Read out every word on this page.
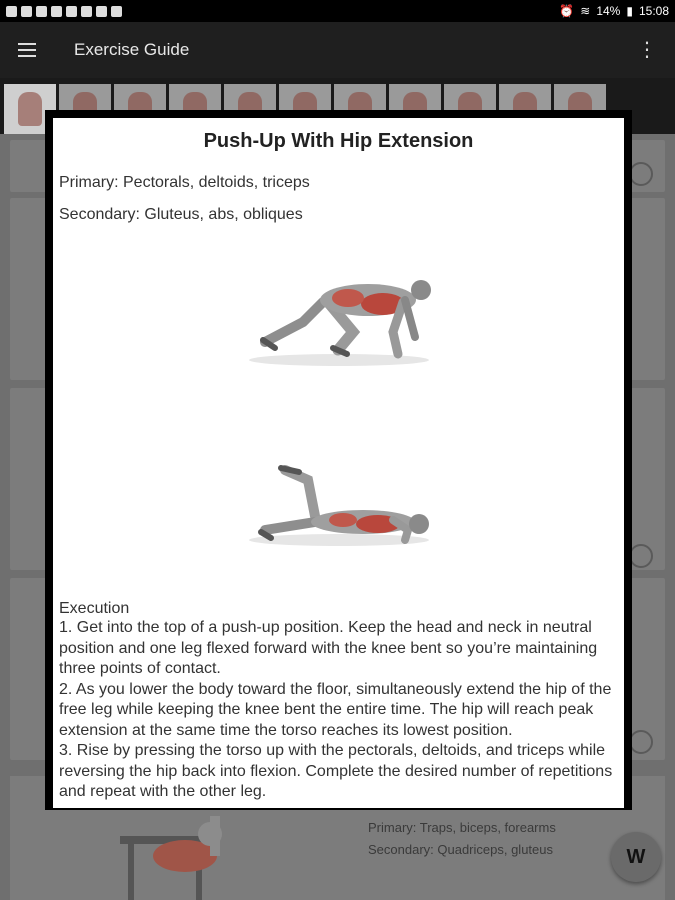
⏰ ≋ 14% ▮ 15:08
Exercise Guide	⋮
Primary: Traps, biceps, forearms
Secondary: Quadriceps, gluteus	W
Push-Up With Hip Extension
Primary: Pectorals, deltoids, triceps
Secondary: Gluteus, abs, obliques
Execution
1. Get into the top of a push-up position. Keep the head and neck in neutral position and one leg flexed forward with the knee bent so you’re maintaining three points of contact.
2. As you lower the body toward the floor, simultaneously extend the hip of the free leg while keeping the knee bent the entire time. The hip will reach peak extension at the same time the torso reaches its lowest position.
3. Rise by pressing the torso up with the pectorals, deltoids, and triceps while reversing the hip back into flexion. Complete the desired number of repetitions and repeat with the other leg.
